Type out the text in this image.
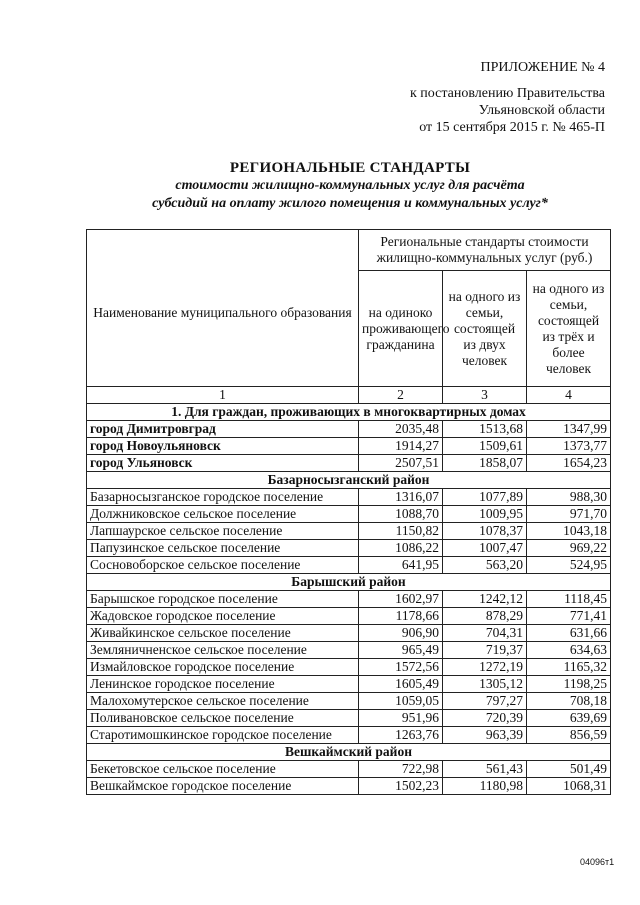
ПРИЛОЖЕНИЕ № 4
к постановлению Правительства
Ульяновской области
от 15 сентября 2015 г. № 465-П
РЕГИОНАЛЬНЫЕ СТАНДАРТЫ
стоимости жилищно-коммунальных услуг для расчёта
субсидий на оплату жилого помещения и коммунальных услуг*
Наименование муниципального образования	Региональные стандарты стоимости жилищно-коммунальных услуг (руб.)		
	на одиноко проживающего гражданина	на одного из семьи, состоящей из двух человек	на одного из семьи, состоящей из трёх и более человек
1	2	3	4
1. Для граждан, проживающих в многоквартирных домах			
город Димитровград	2035,48	1513,68	1347,99
город Новоульяновск	1914,27	1509,61	1373,77
город Ульяновск	2507,51	1858,07	1654,23
Базарносызганский район			
Базарносызганское городское поселение	1316,07	1077,89	988,30
Должниковское сельское поселение	1088,70	1009,95	971,70
Лапшаурское сельское поселение	1150,82	1078,37	1043,18
Папузинское сельское поселение	1086,22	1007,47	969,22
Сосновоборское сельское поселение	641,95	563,20	524,95
Барышский район			
Барышское городское поселение	1602,97	1242,12	1118,45
Жадовское городское поселение	1178,66	878,29	771,41
Живайкинское сельское поселение	906,90	704,31	631,66
Земляничненское сельское поселение	965,49	719,37	634,63
Измайловское городское поселение	1572,56	1272,19	1165,32
Ленинское городское поселение	1605,49	1305,12	1198,25
Малохомутерское сельское поселение	1059,05	797,27	708,18
Поливановское сельское поселение	951,96	720,39	639,69
Старотимошкинское городское поселение	1263,76	963,39	856,59
Вешкаймский район			
Бекетовское сельское поселение	722,98	561,43	501,49
Вешкаймское городское поселение	1502,23	1180,98	1068,31
04096т1
